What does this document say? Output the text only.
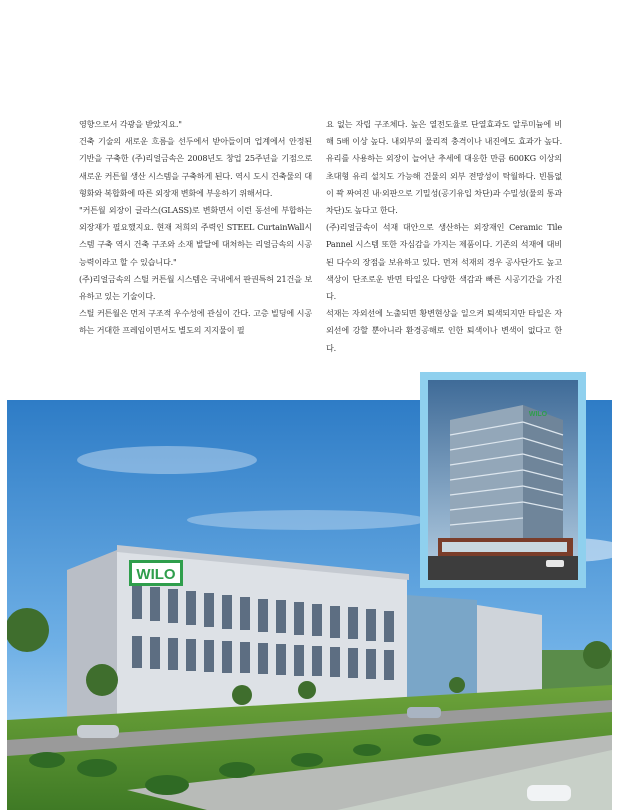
영향으로서 각광을 받았지요."

건축 기술의 새로운 흐름을 선두에서 받아들이며 업계에서 안정된 기반을 구축한 (주)리얼금속은 2008년도 창업 25주년을 기점으로 새로운 커튼월 생산 시스템을 구축하게 된다. 역시 도시 건축물의 대형화와 복합화에 따른 외장재 변화에 부응하기 위해서다.

"커튼월 외장이 글라스(GLASS)로 변화면서 이런 동선에 부합하는 외장재가 필요했지요. 현재 저희의 주력인 STEEL CurtainWall시스템 구축 역시 건축 구조와 소재 발달에 대처하는 리얼금속의 시공능력이라고 할 수 있습니다."

(주)리얼금속의 스틸 커튼월 시스템은 국내에서 판권특허 21건을 보유하고 있는 기술이다.

스틸 커튼월은 먼저 구조적 우수성에 관심이 간다. 고층 빌딩에 시공하는 거대한 프레임이면서도 별도의 지지물이 필

요 없는 자립 구조체다. 높은 열전도율로 단열효과도 알루미늄에 비해 5배 이상 높다. 내외부의 물리적 충격이나 내진에도 효과가 높다. 유리를 사용하는 외장이 늘어난 추세에 대응한 만큼 600KG 이상의 초대형 유리 설치도 가능해 건물의 외부 전망성이 탁월하다. 빈틈없이 꽉 짜여진 내·외판으로 기밀성(공기유입 차단)과 수밀성(물의 통과 차단)도 높다고 한다.

(주)리얼금속이 석재 대안으로 생산하는 외장재인 Ceramic Tile Pannel 시스템 또한 자심감을 가지는 제품이다. 기존의 석재에 대비된 다수의 장점을 보유하고 있다. 먼저 석재의 경우 공사단가도 높고 색상이 단조로운 반면 타일은 다양한 색감과 빠른 시공기간을 가진다.

석재는 자외선에 노출되면 황변현상을 일으켜 퇴색되지만 타일은 자외선에 강할 뿐아니라 환경공해로 인한 퇴색이나 변색이 없다고 한다.

WILO
WILO
